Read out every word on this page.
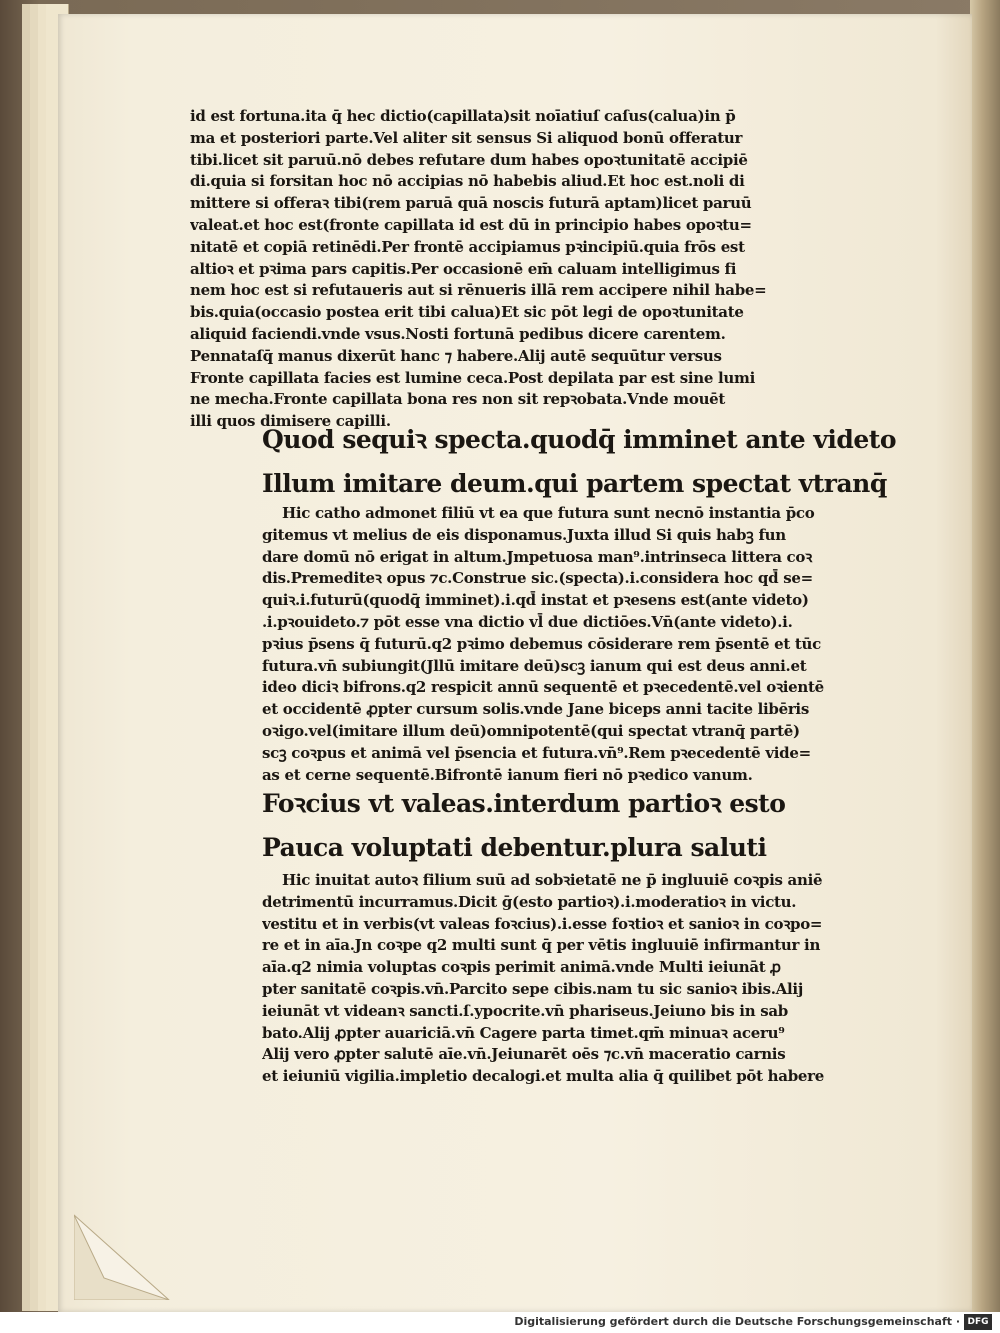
id est fortuna.ita q̄ hec dictio(capillata)sit noīatiuſ caſus(calua)in p̄
ma et posteriori parte.Vel aliter sit sensus Si aliquod bonū offeratur
tibi.licet sit paruū.nō debes refutare dum habes opoꝛtunitatē accipiē
di.quia si forsitan hoc nō accipias nō habebis aliud.Et hoc est.noli di
mittere si offeraꝛ tibi(rem paruā quā noscis futurā aptam)licet paruū
valeat.et hoc est(fronte capillata id est dū in principio habes opoꝛtu=
nitatē et copiā retinēdi.Per frontē accipiamus pꝛincipiū.quia frōs est
altioꝛ et pꝛima pars capitis.Per occasionē em̄ caluam intelligimus fi
nem hoc est si refutaueris aut si rēnueris illā rem accipere nihil habe=
bis.quia(occasio postea erit tibi calua)Et sic pōt legi de opoꝛtunitate
aliquid faciendi.vnde vsus.Nosti fortunā pedibus dicere carentem.
Pennataſq̄ manus dixerūt hanc ⁊ habere.Alij autē sequūtur versus
Fronte capillata facies est lumine ceca.Post depilata par est sine lumi
ne mecha.Fronte capillata bona res non sit repꝛobata.Vnde mouēt
illi quos dimisere capilli.
Quod sequiꝛ specta.quodq̄ imminet ante videto
Illum imitare deum.qui partem spectat vtranq̄
Hic catho admonet filiū vt ea que futura sunt necnō instantia p̄co
gitemus vt melius de eis disponamus.Juxta illud Si quis habꝫ fun
dare domū nō erigat in altum.Jmpetuosa man⁹.intrinseca littera coꝛ
dis.Premediteꝛ opus ⁊c.Construe sic.(specta).i.considera hoc qd̄ se=
quiꝛ.i.futurū(quodq̄ imminet).i.qd̄ instat et pꝛesens est(ante videto)
.i.pꝛouideto.⁊ pōt esse vna dictio vl̄ due dictiōes.Vn̄(ante videto).i.
pꝛius p̄sens q̄ futurū.q2 pꝛimo debemus cōsiderare rem p̄sentē et tūc
futura.vn̄ subiungit(Jllū imitare deū)scꝫ ianum qui est deus anni.et
ideo diciꝛ bifrons.q2 respicit annū sequentē et pꝛecedentē.vel oꝛientē
et occidentē ꝓpter cursum solis.vnde Jane biceps anni tacite libēris
oꝛigo.vel(imitare illum deū)omnipotentē(qui spectat vtranq̄ partē)
scꝫ coꝛpus et animā vel p̄sencia et futura.vn̄⁹.Rem pꝛecedentē vide=
as et cerne sequentē.Bifrontē ianum fieri nō pꝛedico vanum.
Foꝛcius vt valeas.interdum partioꝛ esto
Pauca voluptati debentur.plura saluti
Hic inuitat autoꝛ filium suū ad sobꝛietatē ne p̄ ingluuiē coꝛpis aniē
detrimentū incurramus.Dicit ḡ(esto partioꝛ).i.moderatioꝛ in victu.
vestitu et in verbis(vt valeas foꝛcius).i.esse foꝛtioꝛ et sanioꝛ in coꝛpo=
re et in aīa.Jn coꝛpe q2 multi sunt q̄ per vētis ingluuiē infirmantur in
aīa.q2 nimia voluptas coꝛpis perimit animā.vnde Multi ieiunāt ꝓ
pter sanitatē coꝛpis.vn̄.Parcito sepe cibis.nam tu sic sanioꝛ ibis.Alij
ieiunāt vt videanꝛ sancti.ſ.ypocrite.vn̄ phariseus.Jeiuno bis in sab
bato.Alij ꝓpter auariciā.vn̄ Cagere parta timet.qm̄ minuaꝛ aceru⁹
Alij vero ꝓpter salutē aīe.vn̄.Jeiunarēt oēs ⁊c.vn̄ maceratio carnis
et ieiuniū vigilia.impletio decalogi.et multa alia q̄ quilibet pōt habere
Digitalisierung gefördert durch die Deutsche Forschungsgemeinschaft · DFG
